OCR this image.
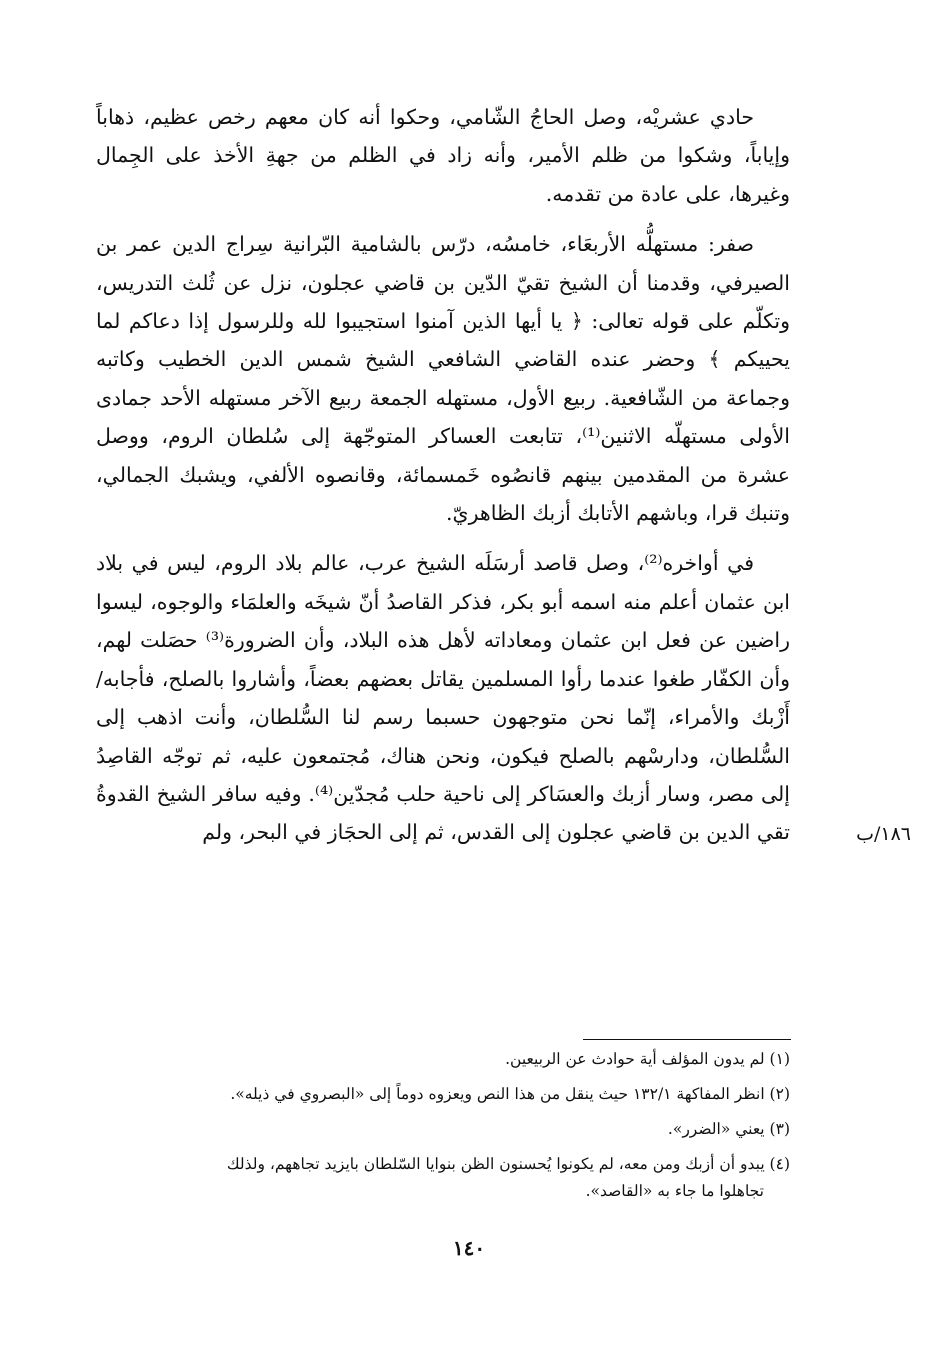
حادي عشريْه، وصل الحاجُ الشّامي، وحكوا أنه كان معهم رخص عظيم، ذهاباً وإياباً، وشكوا من ظلم الأمير، وأنه زاد في الظلم من جهةِ الأخذ على الجِمال وغيرها، على عادة من تقدمه.

صفر: مستهلُّه الأربعَاء، خامسُه، درّس بالشامية البّرانية سِراج الدين عمر بن الصيرفي، وقدمنا أن الشيخ تقيّ الدّين بن قاضي عجلون، نزل عن ثُلث التدريس، وتكلّم على قوله تعالى: ﴿ يا أيها الذين آمنوا استجيبوا لله وللرسول إذا دعاكم لما يحييكم ﴾ وحضر عنده القاضي الشافعي الشيخ شمس الدين الخطيب وكاتبه وجماعة من الشّافعية. ربيع الأول، مستهله الجمعة ربيع الآخر مستهله الأحد جمادى الأولى مستهلّه الاثنين⁽¹⁾، تتابعت العساكر المتوجّهة إلى سُلطان الروم، ووصل عشرة من المقدمين بينهم قانصُوه خَمسمائة، وقانصوه الألفي، ويشبك الجمالي، وتنبك قرا، وباشهم الأتابك أزبك الظاهريّ.

في أواخره⁽²⁾، وصل قاصد أرسَلَه الشيخ عرب، عالم بلاد الروم، ليس في بلاد ابن عثمان أعلم منه اسمه أبو بكر، فذكر القاصدُ أنّ شيخَه والعلمَاء والوجوه، ليسوا راضين عن فعل ابن عثمان ومعاداته لأهل هذه البلاد، وأن الضرورة⁽³⁾ حصَلت لهم، وأن الكفّار طغوا عندما رأوا المسلمين يقاتل بعضهم بعضاً، وأشاروا بالصلح، فأجابه/ أَزْبك والأمراء، إنّما نحن متوجهون حسبما رسم لنا السُّلطان، وأنت اذهب إلى السُّلطان، ودارسْهم بالصلح فيكون، ونحن هناك، مُجتمعون عليه، ثم توجّه القاصِدُ إلى مصر، وسار أزبك والعسَاكر إلى ناحية حلب مُجدّين⁽⁴⁾. وفيه سافر الشيخ القدوةُ تقي الدين بن قاضي عجلون إلى القدس، ثم إلى الحجَاز في البحر، ولم	١٨٦/ب
(١) لم يدون المؤلف أية حوادث عن الربيعين.
(٢) انظر المفاكهة ١٣٢/١ حيث ينقل من هذا النص ويعزوه دوماً إلى «البصروي في ذيله».
(٣) يعني «الضرر».
(٤) يبدو أن أزبك ومن معه، لم يكونوا يُحسنون الظن بنوايا السّلطان بايزيد تجاههم، ولذلك
تجاهلوا ما جاء به «القاصد».
١٤٠
